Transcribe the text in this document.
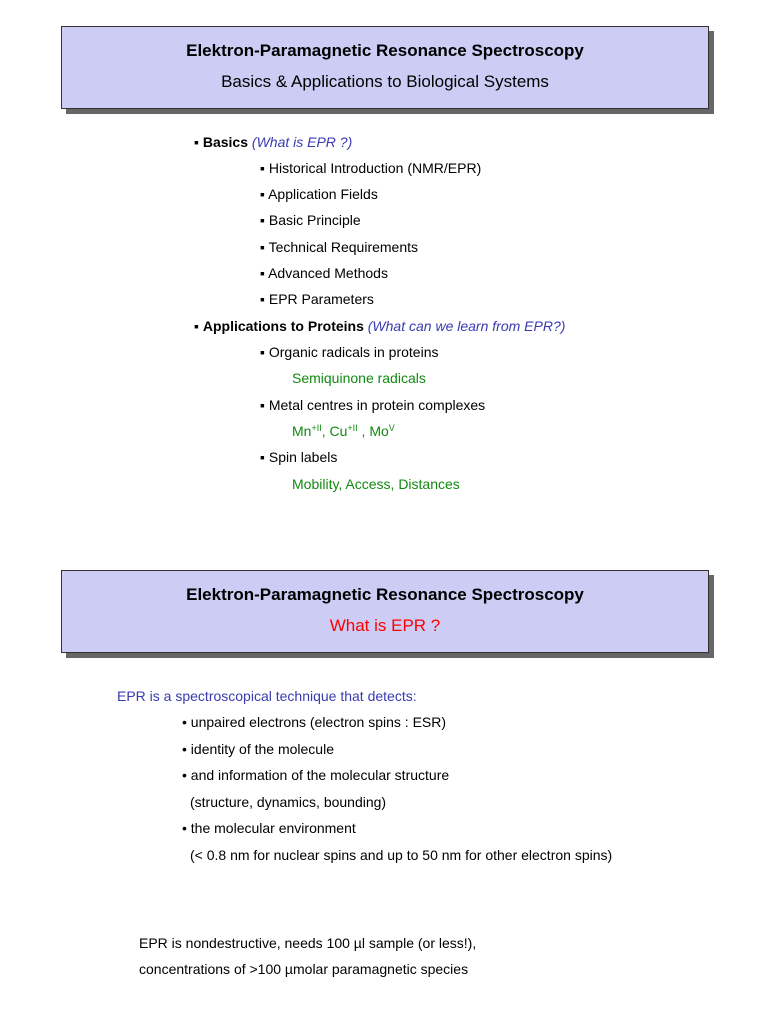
Elektron-Paramagnetic Resonance Spectroscopy
Basics & Applications to Biological Systems
▪ Basics (What is EPR ?)
▪ Historical Introduction (NMR/EPR)
▪ Application Fields
▪ Basic Principle
▪ Technical Requirements
▪ Advanced Methods
▪ EPR Parameters
▪ Applications to Proteins (What can we learn from EPR?)
▪ Organic radicals in proteins
Semiquinone radicals
▪ Metal centres in protein complexes
$Mn^{+II}$, $Cu^{+II}$ , $Mo^V$
▪ Spin labels
Mobility, Access, Distances
Elektron-Paramagnetic Resonance Spectroscopy
What is EPR ?
EPR is a spectroscopical technique that detects:
• unpaired electrons (electron spins : ESR)
• identity of the molecule
• and information of the molecular structure
(structure, dynamics, bounding)
• the molecular environment
(< 0.8 nm for nuclear spins and up to 50 nm for other electron spins)
EPR is nondestructive, needs 100 µl sample (or less!),
concentrations of >100 µmolar paramagnetic species
